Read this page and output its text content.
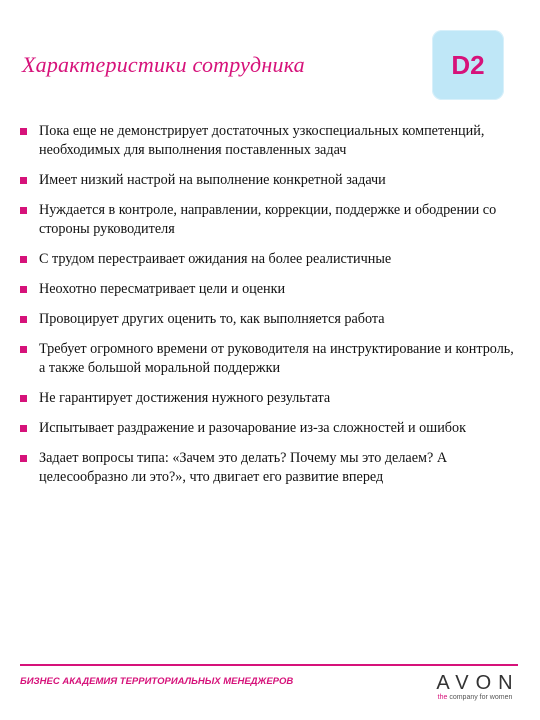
Характеристики сотрудника	D2
Пока еще не демонстрирует достаточных узкоспециальных компетенций, необходимых для выполнения поставленных задач
Имеет низкий настрой на выполнение конкретной задачи
Нуждается в контроле, направлении, коррекции, поддержке и ободрении со стороны руководителя
С трудом перестраивает ожидания на более реалистичные
Неохотно пересматривает цели и оценки
Провоцирует других оценить то, как выполняется работа
Требует огромного времени от руководителя на инструктирование и контроль, а также большой моральной поддержки
Не гарантирует достижения нужного результата
Испытывает раздражение и разочарование из-за сложностей и ошибок
Задает вопросы типа: «Зачем это делать? Почему мы это делаем? А целесообразно ли это?», что двигает его развитие вперед
БИЗНЕС АКАДЕМИЯ ТЕРРИТОРИАЛЬНЫХ МЕНЕДЖЕРОВ	AVON
the company for women
